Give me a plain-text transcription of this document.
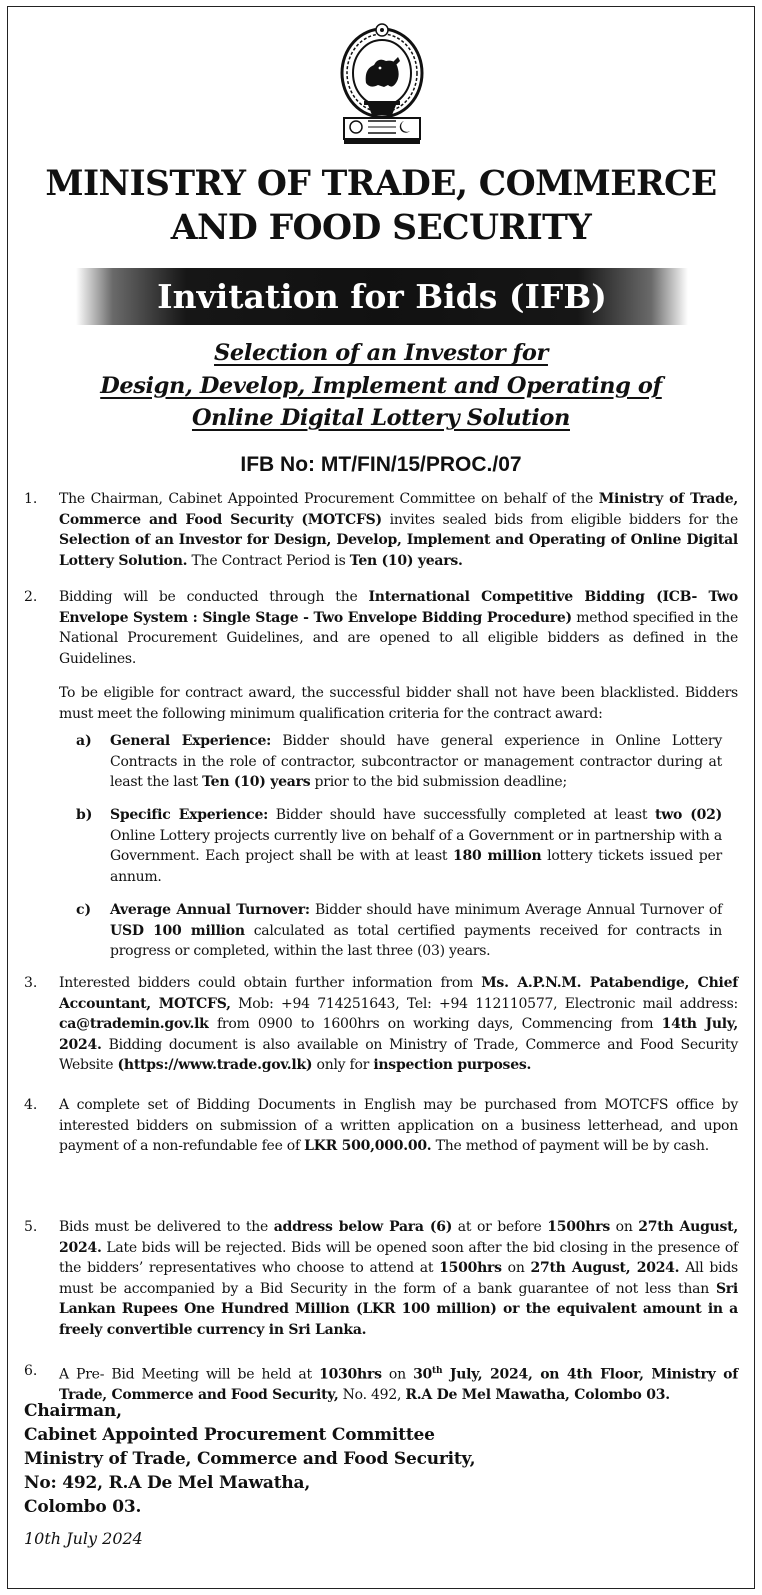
MINISTRY OF TRADE, COMMERCE
AND FOOD SECURITY
Invitation for Bids (IFB)
Selection of an Investor for
Design, Develop, Implement and Operating of
Online Digital Lottery Solution
IFB No: MT/FIN/15/PROC./07
1. The Chairman, Cabinet Appointed Procurement Committee on behalf of the Ministry of Trade, Commerce and Food Security (MOTCFS) invites sealed bids from eligible bidders for the Selection of an Investor for Design, Develop, Implement and Operating of Online Digital Lottery Solution. The Contract Period is Ten (10) years.
2. Bidding will be conducted through the International Competitive Bidding (ICB- Two Envelope System : Single Stage - Two Envelope Bidding Procedure) method specified in the National Procurement Guidelines, and are opened to all eligible bidders as defined in the Guidelines.
To be eligible for contract award, the successful bidder shall not have been blacklisted. Bidders must meet the following minimum qualification criteria for the contract award:
a) General Experience: Bidder should have general experience in Online Lottery Contracts in the role of contractor, subcontractor or management contractor during at least the last Ten (10) years prior to the bid submission deadline;
b) Specific Experience: Bidder should have successfully completed at least two (02) Online Lottery projects currently live on behalf of a Government or in partnership with a Government. Each project shall be with at least 180 million lottery tickets issued per annum.
c) Average Annual Turnover: Bidder should have minimum Average Annual Turnover of USD 100 million calculated as total certified payments received for contracts in progress or completed, within the last three (03) years.
3. Interested bidders could obtain further information from Ms. A.P.N.M. Patabendige, Chief Accountant, MOTCFS, Mob: +94 714251643, Tel: +94 112110577, Electronic mail address: ca@trademin.gov.lk from 0900 to 1600hrs on working days, Commencing from 14th July, 2024. Bidding document is also available on Ministry of Trade, Commerce and Food Security Website (https://www.trade.gov.lk) only for inspection purposes.
4. A complete set of Bidding Documents in English may be purchased from MOTCFS office by interested bidders on submission of a written application on a business letterhead, and upon payment of a non-refundable fee of LKR 500,000.00. The method of payment will be by cash.
5. Bids must be delivered to the address below Para (6) at or before 1500hrs on 27th August, 2024. Late bids will be rejected. Bids will be opened soon after the bid closing in the presence of the bidders’ representatives who choose to attend at 1500hrs on 27th August, 2024. All bids must be accompanied by a Bid Security in the form of a bank guarantee of not less than Sri Lankan Rupees One Hundred Million (LKR 100 million) or the equivalent amount in a freely convertible currency in Sri Lanka.
6. A Pre- Bid Meeting will be held at 1030hrs on 30th July, 2024, on 4th Floor, Ministry of Trade, Commerce and Food Security, No. 492, R.A De Mel Mawatha, Colombo 03.
Chairman,
Cabinet Appointed Procurement Committee
Ministry of Trade, Commerce and Food Security,
No: 492, R.A De Mel Mawatha,
Colombo 03.
10th July 2024
